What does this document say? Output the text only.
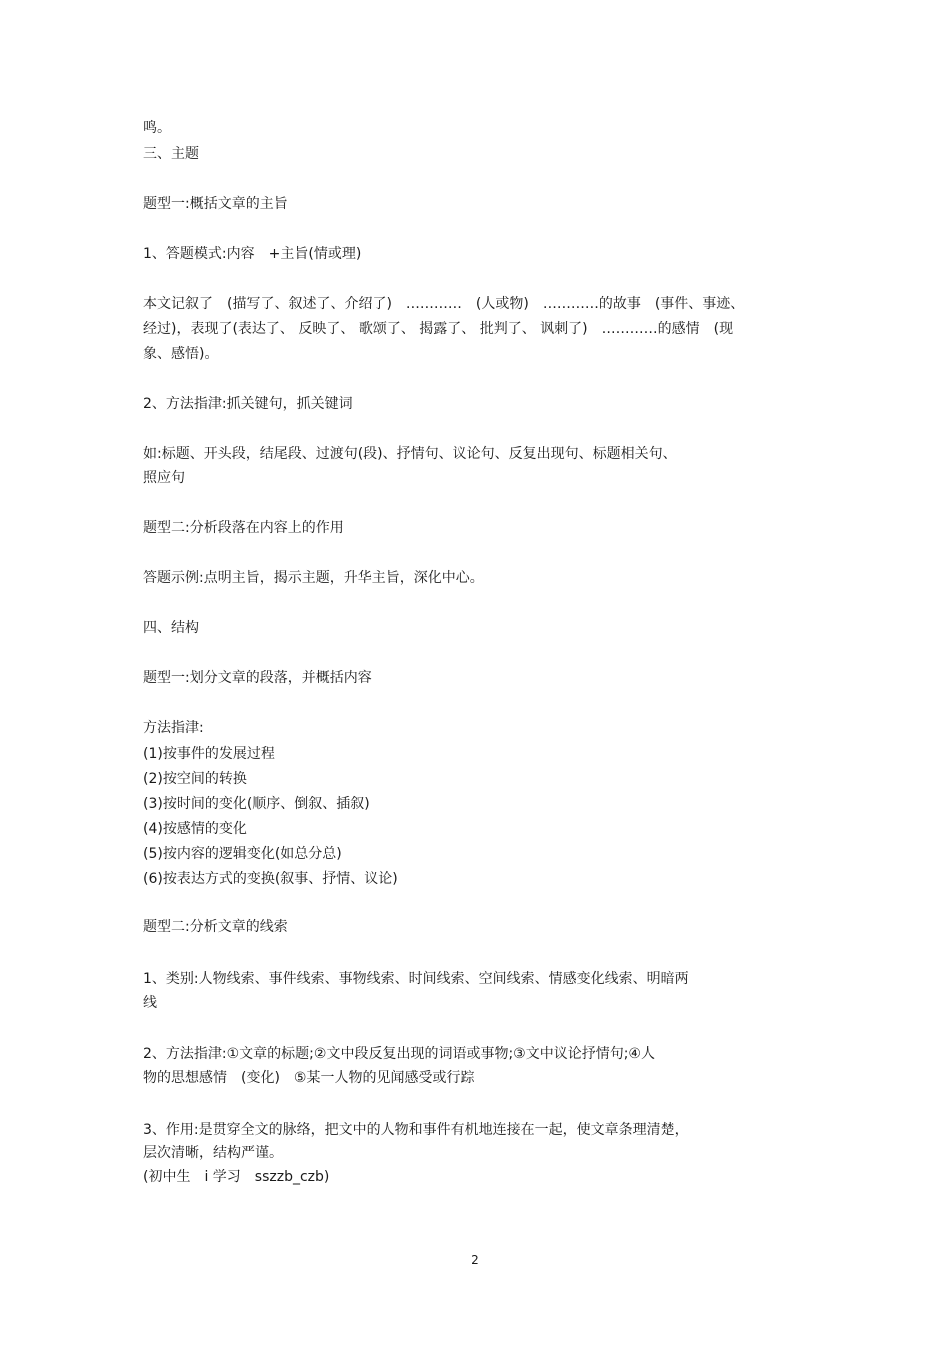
鸣。
三、主题
题型一:概括文章的主旨
1、答题模式:内容　+主旨(情或理)
本文记叙了　(描写了、叙述了、介绍了)　…………　(人或物)　…………的故事　(事件、事迹、
经过)，表现了(表达了、 反映了、 歌颂了、 揭露了、 批判了、 讽刺了)　…………的感情　(现
象、感悟)。
2、方法指津:抓关键句，抓关键词
如:标题、开头段，结尾段、过渡句(段)、抒情句、议论句、反复出现句、标题相关句、
照应句
题型二:分析段落在内容上的作用
答题示例:点明主旨，揭示主题，升华主旨，深化中心。
四、结构
题型一:划分文章的段落，并概括内容
方法指津:
(1)按事件的发展过程
(2)按空间的转换
(3)按时间的变化(顺序、倒叙、插叙)
(4)按感情的变化
(5)按内容的逻辑变化(如总分总)
(6)按表达方式的变换(叙事、抒情、议论)
题型二:分析文章的线索
1、类别:人物线索、事件线索、事物线索、时间线索、空间线索、情感变化线索、明暗两
线
2、方法指津:①文章的标题;②文中段反复出现的词语或事物;③文中议论抒情句;④人
物的思想感情　(变化)　⑤某一人物的见闻感受或行踪
3、作用:是贯穿全文的脉络，把文中的人物和事件有机地连接在一起，使文章条理清楚，
层次清晰，结构严谨。
(初中生　i 学习　sszzb_czb)
2
